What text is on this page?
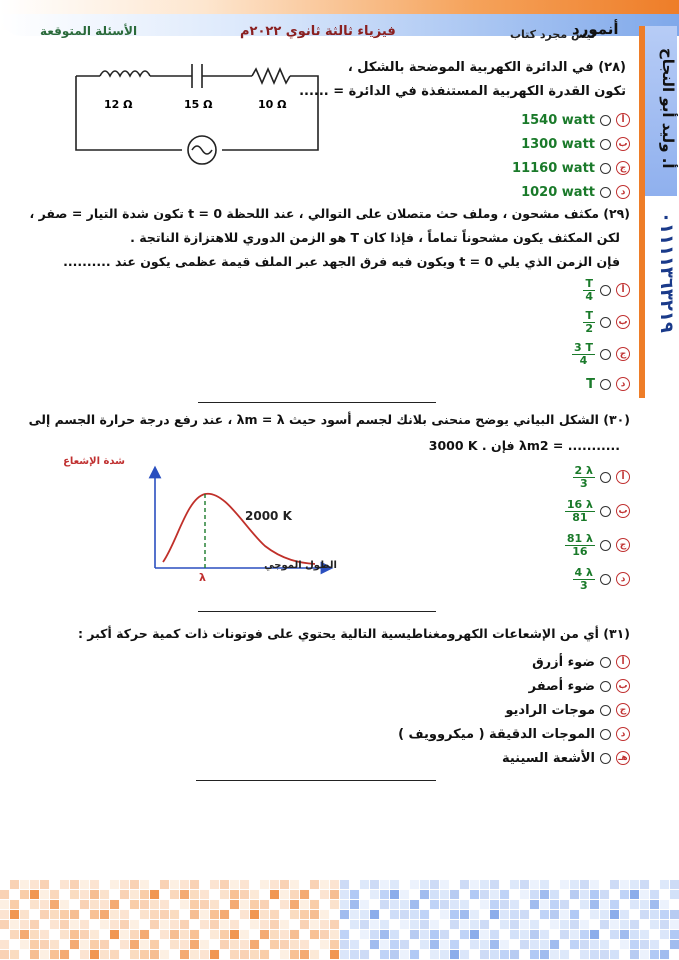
الأسئلة المتوقعة	فيزياء ثالثة ثانوي ٢٠٢٢م	ليس مجرد كتاب
أنمورد
أ. وليد أبو النجاح
٠١١١١٣٦٣٢١٩
(٢٨) في الدائرة الكهربية الموضحة بالشكل ،
تكون القدرة الكهربية المستنفذة في الدائرة = ......
12 Ω	15 Ω	10 Ω
1540 watt	أ
1300 watt	ب
11160 watt	ج
1020 watt	د
(٢٩) مكثف مشحون ، وملف حث متصلان على التوالي ، عند اللحظة 0 = t تكون شدة التيار = صفر ،
لكن المكثف يكون مشحوناً تماماً ، فإذا كان T هو الزمن الدوري للاهتزازة الناتجة .
فإن الزمن الذي يلي 0 = t ويكون فيه فرق الجهد عبر الملف قيمة عظمى يكون عند ..........
$\frac{T}{4}$	أ
$\frac{T}{2}$	ب
$\frac{3 T}{4}$	ج
T	د
(٣٠) الشكل البياني يوضح منحنى بلانك لجسم أسود حيث λm = λ ، عند رفع درجة حرارة الجسم إلى
3000 K . فإن λm2 = ...........
2000 K
λ
شدة الإشعاع
الطول الموجي
$\frac{2 \lambda}{3}$	أ
$\frac{16 \lambda}{81}$	ب
$\frac{81 \lambda}{16}$	ج
$\frac{4 \lambda}{3}$	د
(٣١) أي من الإشعاعات الكهرومغناطيسية التالية يحتوي على فوتونات ذات كمية حركة أكبر :
ضوء أزرق	أ
ضوء أصفر	ب
موجات الراديو	ج
الموجات الدقيقة ( ميكروويف )	د
الأشعة السينية	هـ
